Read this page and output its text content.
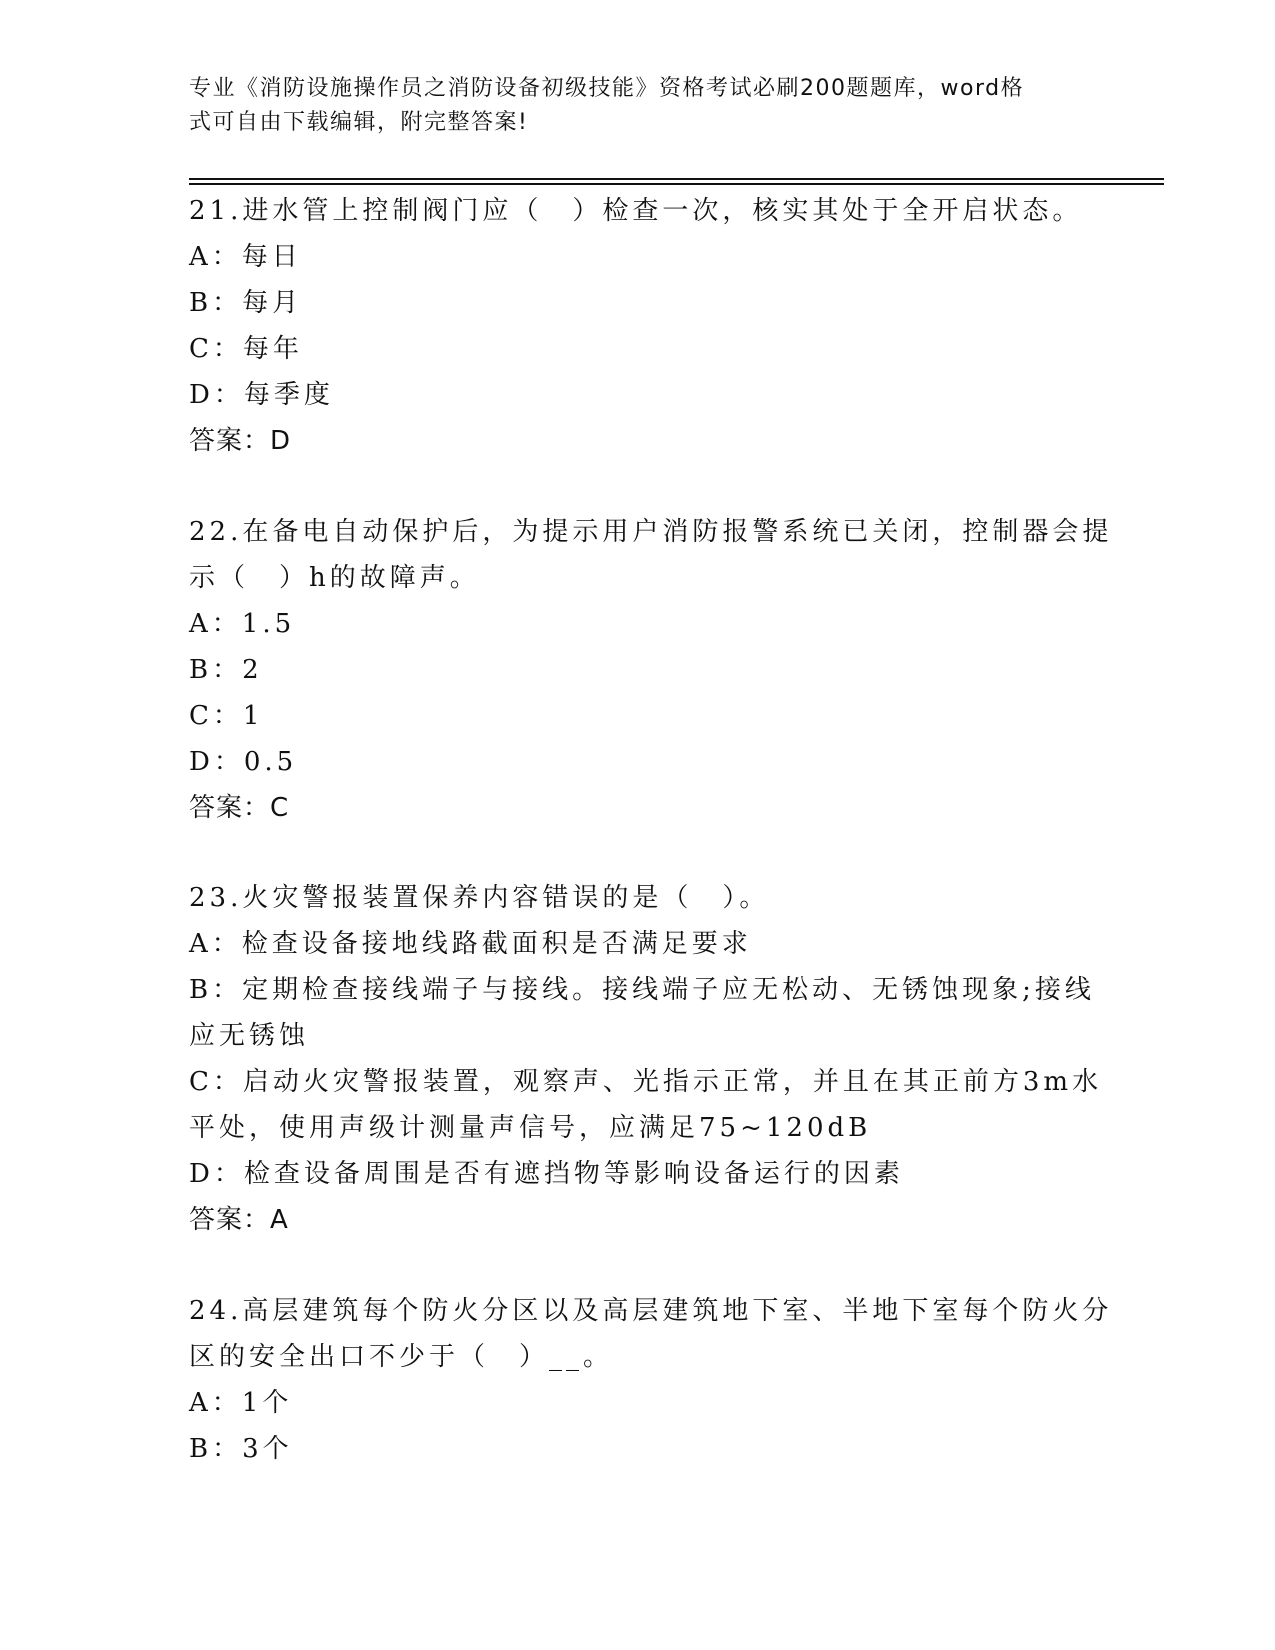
专业《消防设施操作员之消防设备初级技能》资格考试必刷200题题库，word格
式可自由下载编辑，附完整答案!
21.进水管上控制阀门应（　）检查一次，核实其处于全开启状态。
A：每日
B：每月
C：每年
D：每季度
答案：D
22.在备电自动保护后，为提示用户消防报警系统已关闭，控制器会提
示（　）h的故障声。
A：1.5
B：2
C：1
D：0.5
答案：C
23.火灾警报装置保养内容错误的是（　）。
A：检查设备接地线路截面积是否满足要求
B：定期检查接线端子与接线。接线端子应无松动、无锈蚀现象;接线
应无锈蚀
C：启动火灾警报装置，观察声、光指示正常，并且在其正前方3m水
平处，使用声级计测量声信号，应满足75~120dB
D：检查设备周围是否有遮挡物等影响设备运行的因素
答案：A
24.高层建筑每个防火分区以及高层建筑地下室、半地下室每个防火分
区的安全出口不少于（　）__。
A：1个
B：3个
